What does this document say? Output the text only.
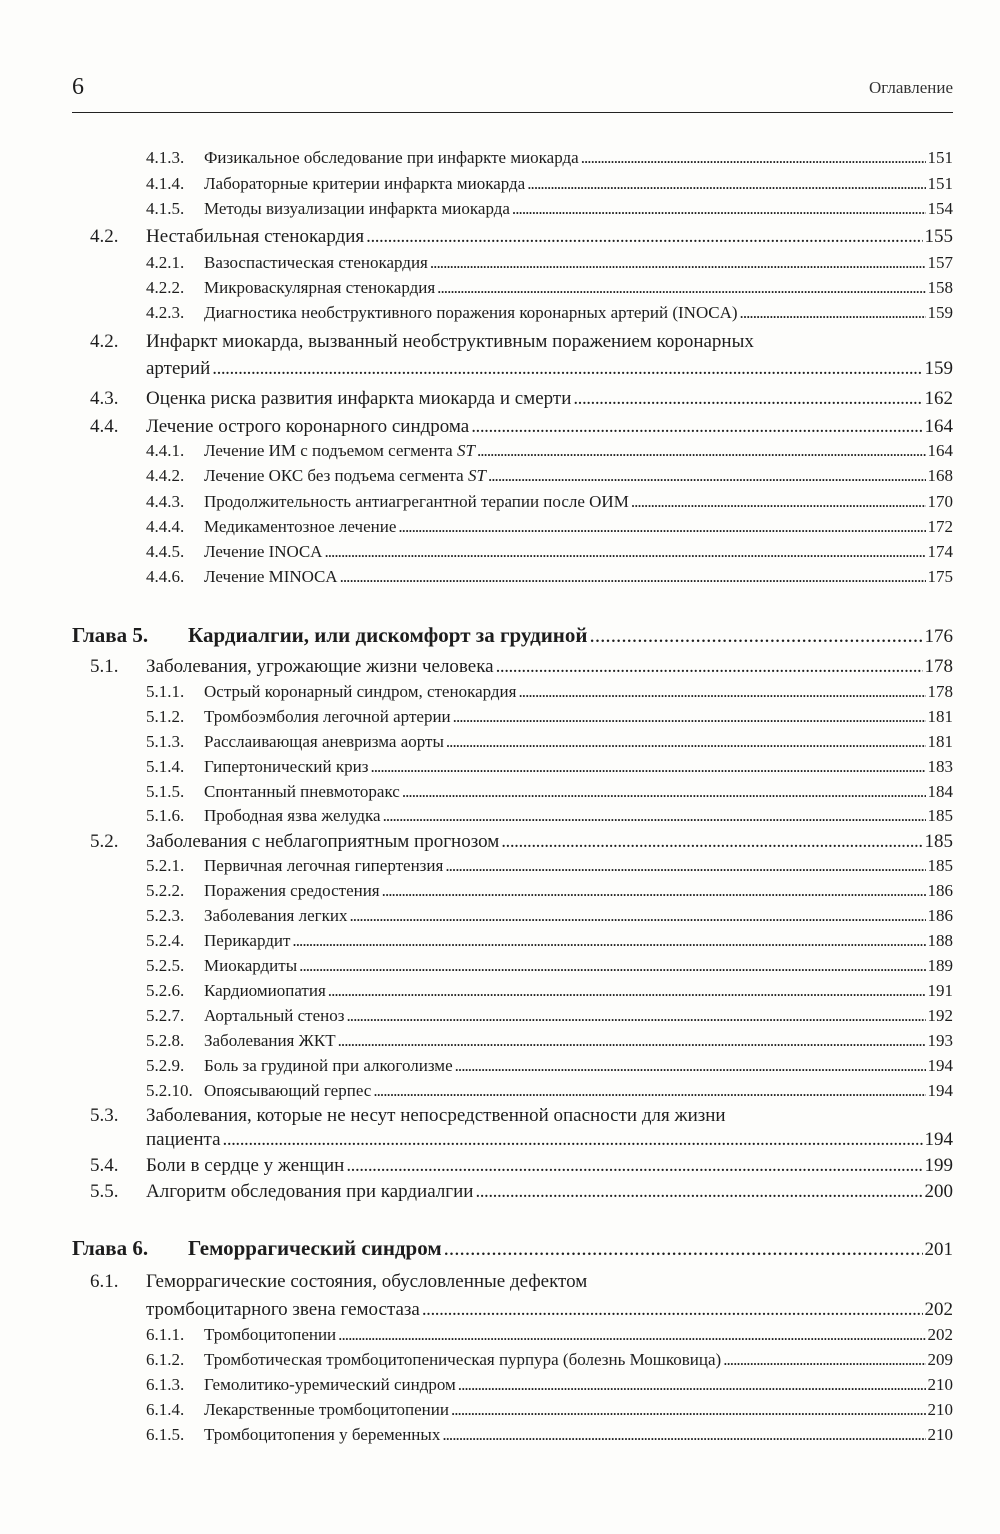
6	Оглавление
4.1.3. Физикальное обследование при инфаркте миокарда . . .	151
4.1.4. Лабораторные критерии инфаркта миокарда . . .	151
4.1.5. Методы визуализации инфаркта миокарда . . .	154
4.2. Нестабильная стенокардия . . .	155
4.2.1. Вазоспастическая стенокардия . . .	157
4.2.2. Микроваскулярная стенокардия . . .	158
4.2.3. Диагностика необструктивного поражения коронарных артерий (INOCA) . . .	159
4.2. Инфаркт миокарда, вызванный необструктивным поражением коронарных
артерий . . .	159
4.3. Оценка риска развития инфаркта миокарда и смерти . . .	162
4.4. Лечение острого коронарного синдрома . . .	164
4.4.1. Лечение ИМ с подъемом сегмента ST . . .	164
4.4.2. Лечение ОКС без подъема сегмента ST . . .	168
4.4.3. Продолжительность антиагрегантной терапии после ОИМ . . .	170
4.4.4. Медикаментозное лечение . . .	172
4.4.5. Лечение INOCA . . .	174
4.4.6. Лечение MINOCA . . .	175
Глава 5. Кардиалгии, или дискомфорт за грудиной . . .	176
5.1. Заболевания, угрожающие жизни человека . . .	178
5.1.1. Острый коронарный синдром, стенокардия . . .	178
5.1.2. Тромбоэмболия легочной артерии . . .	181
5.1.3. Расслаивающая аневризма аорты . . .	181
5.1.4. Гипертонический криз . . .	183
5.1.5. Спонтанный пневмоторакс . . .	184
5.1.6. Прободная язва желудка . . .	185
5.2. Заболевания с неблагоприятным прогнозом . . .	185
5.2.1. Первичная легочная гипертензия . . .	185
5.2.2. Поражения средостения . . .	186
5.2.3. Заболевания легких . . .	186
5.2.4. Перикардит . . .	188
5.2.5. Миокардиты . . .	189
5.2.6. Кардиомиопатия . . .	191
5.2.7. Аортальный стеноз . . .	192
5.2.8. Заболевания ЖКТ . . .	193
5.2.9. Боль за грудиной при алкоголизме . . .	194
5.2.10. Опоясывающий герпес . . .	194
5.3. Заболевания, которые не несут непосредственной опасности для жизни
пациента . . .	194
5.4. Боли в сердце у женщин . . .	199
5.5. Алгоритм обследования при кардиалгии . . .	200
Глава 6. Геморрагический синдром . . .	201
6.1. Геморрагические состояния, обусловленные дефектом
тромбоцитарного звена гемостаза . . .	202
6.1.1. Тромбоцитопении . . .	202
6.1.2. Тромботическая тромбоцитопеническая пурпура (болезнь Мошковица) . . .	209
6.1.3. Гемолитико-уремический синдром . . .	210
6.1.4. Лекарственные тромбоцитопении . . .	210
6.1.5. Тромбоцитопения у беременных . . .	210
